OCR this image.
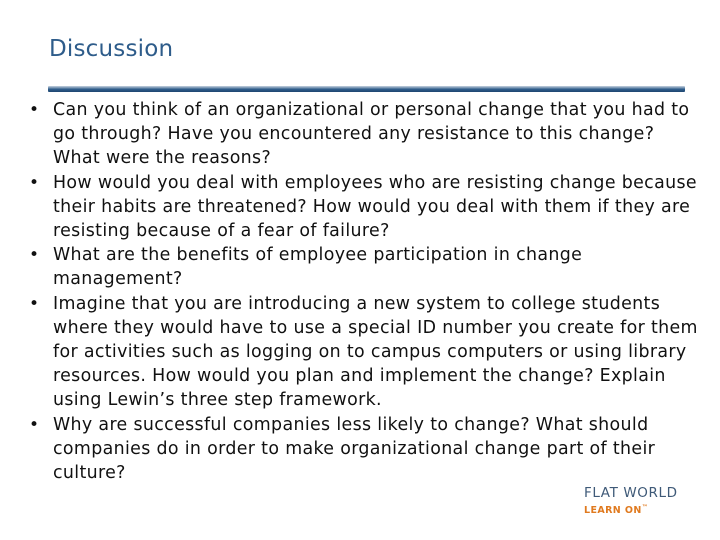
Discussion
• Can you think of an organizational or personal change that you had to go through? Have you encountered any resistance to this change? What were the reasons?
• How would you deal with employees who are resisting change because their habits are threatened? How would you deal with them if they are resisting because of a fear of failure?
• What are the benefits of employee participation in change management?
• Imagine that you are introducing a new system to college students where they would have to use a special ID number you create for them for activities such as logging on to campus computers or using library resources. How would you plan and implement the change? Explain using Lewin’s three step framework.
• Why are successful companies less likely to change? What should companies do in order to make organizational change part of their culture?
FLAT WORLD
LEARN ON™
